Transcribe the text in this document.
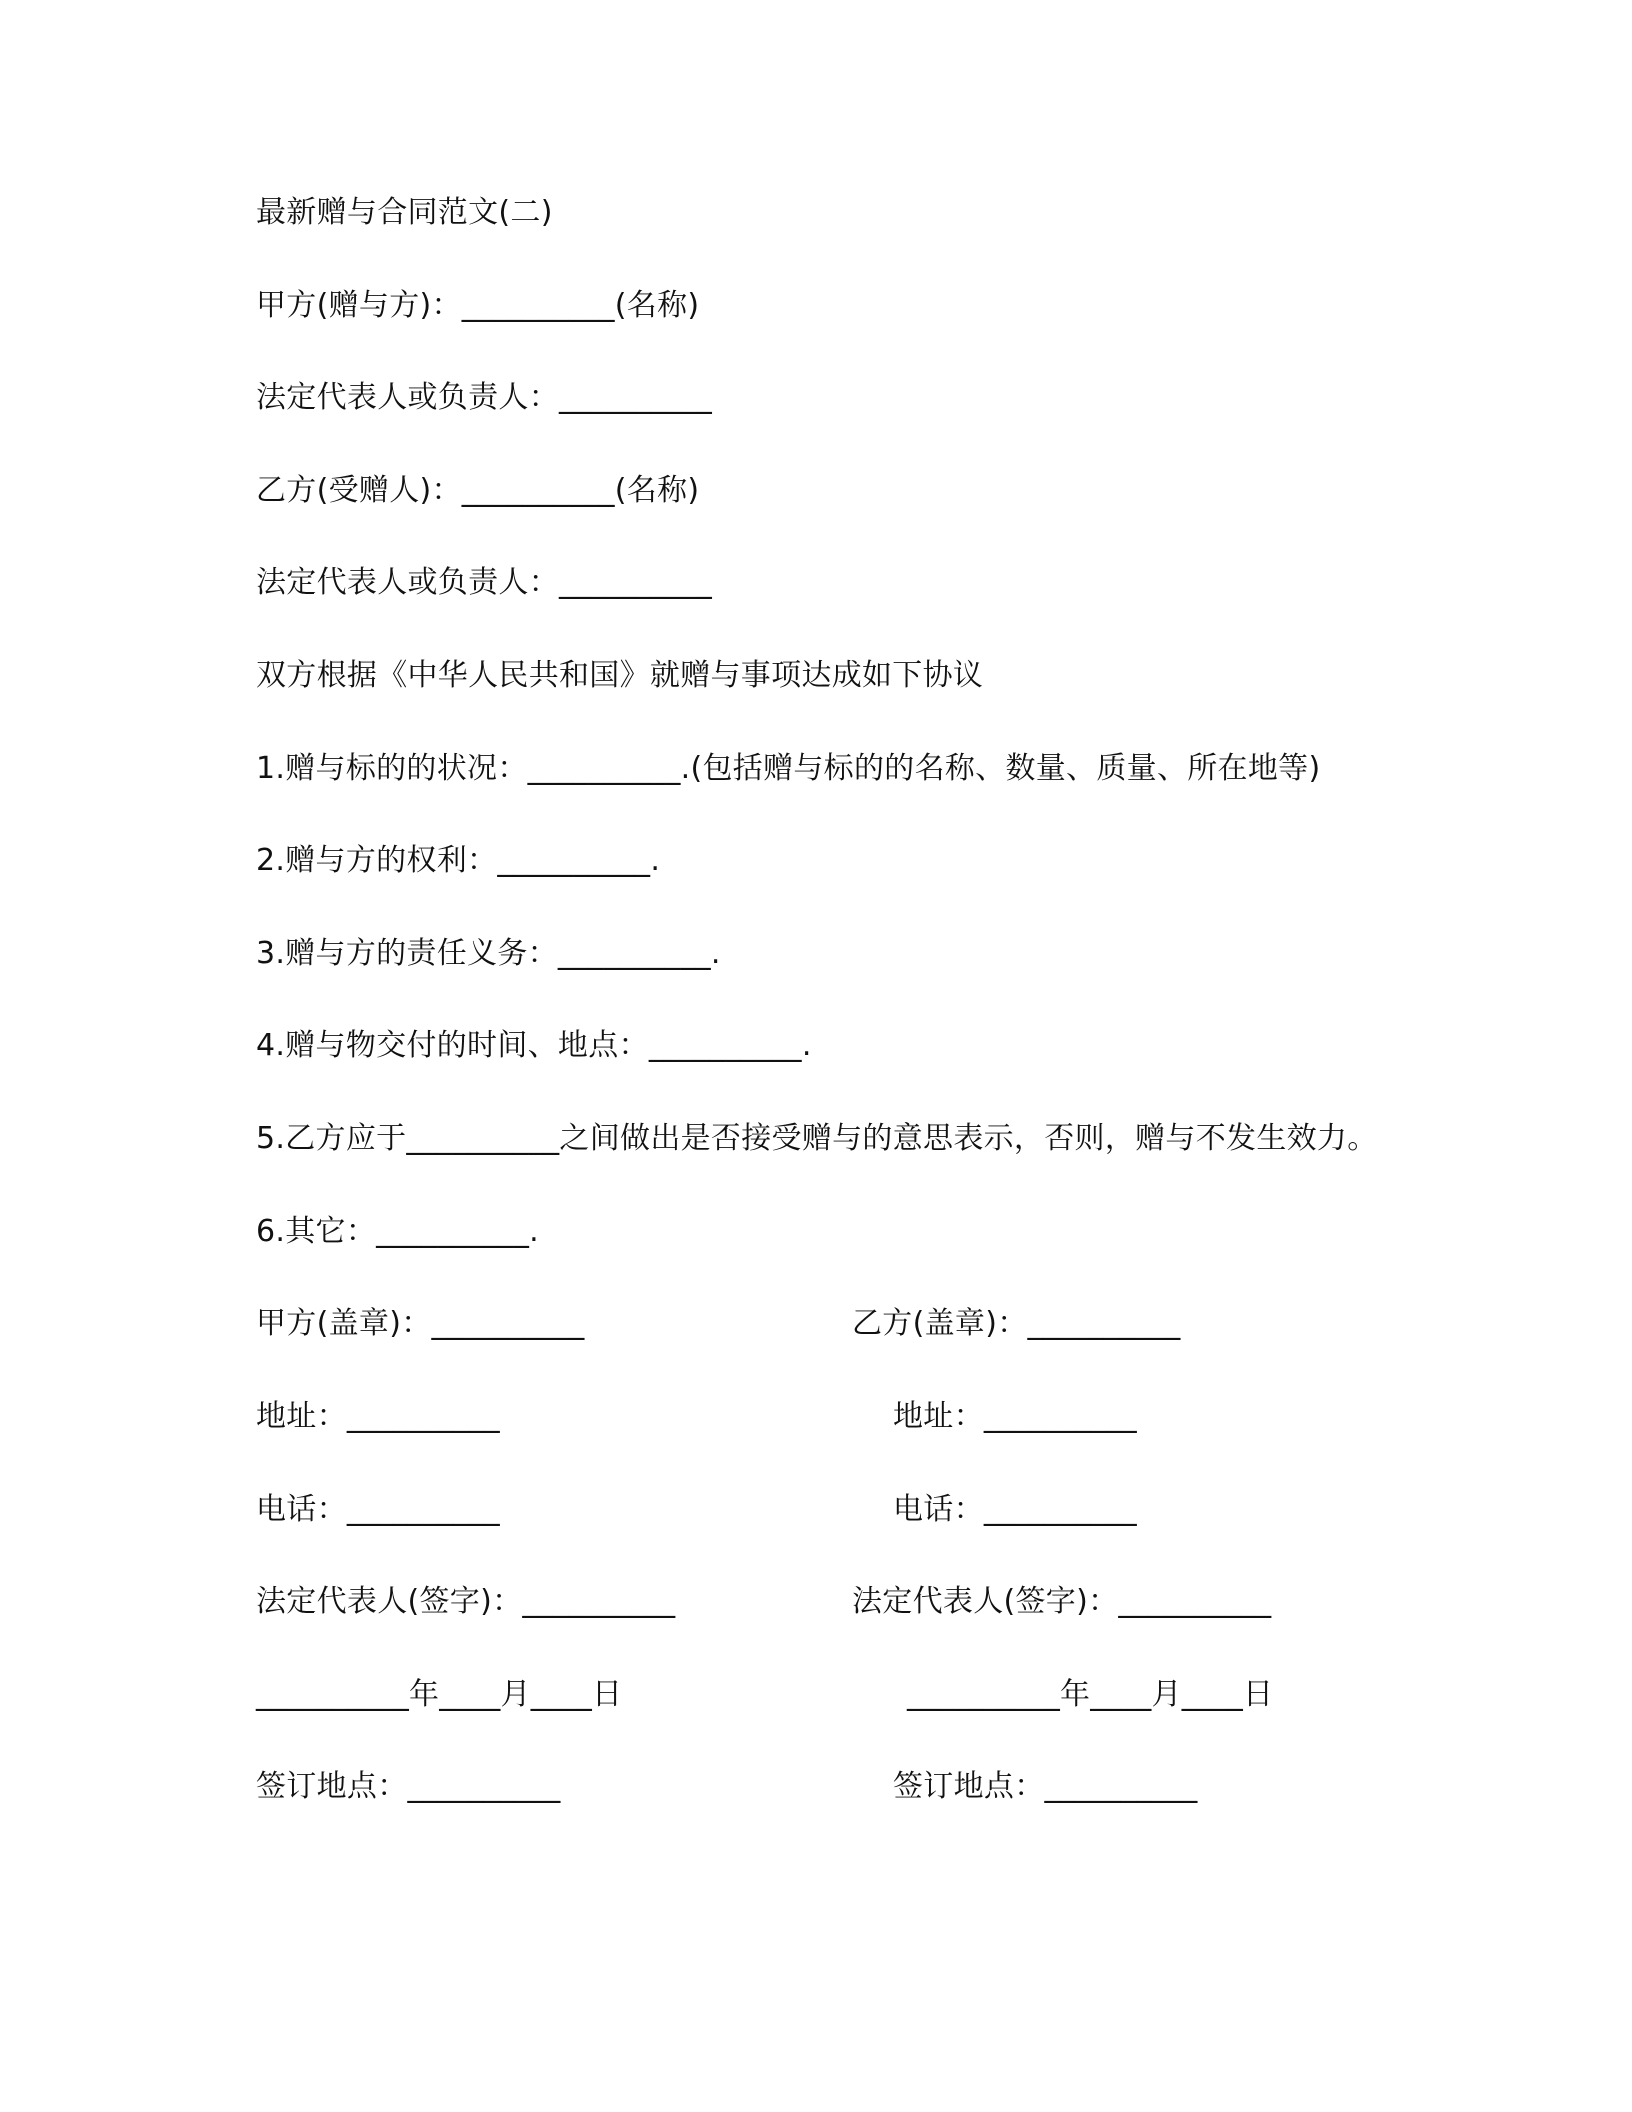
最新赠与合同范文(二)
甲方(赠与方)：__________(名称)
法定代表人或负责人：__________
乙方(受赠人)：__________(名称)
法定代表人或负责人：__________
双方根据《中华人民共和国》就赠与事项达成如下协议
1.赠与标的的状况：__________.(包括赠与标的的名称、数量、质量、所在地等)
2.赠与方的权利：__________.
3.赠与方的责任义务：__________.
4.赠与物交付的时间、地点：__________.
5.乙方应于__________之间做出是否接受赠与的意思表示，否则，赠与不发生效力。
6.其它：__________.
甲方(盖章)：__________
地址：__________
电话：__________
法定代表人(签字)：__________
__________年____月____日
签订地点：__________
乙方(盖章)：__________
地址：__________
电话：__________
法定代表人(签字)：__________
__________年____月____日
签订地点：__________
